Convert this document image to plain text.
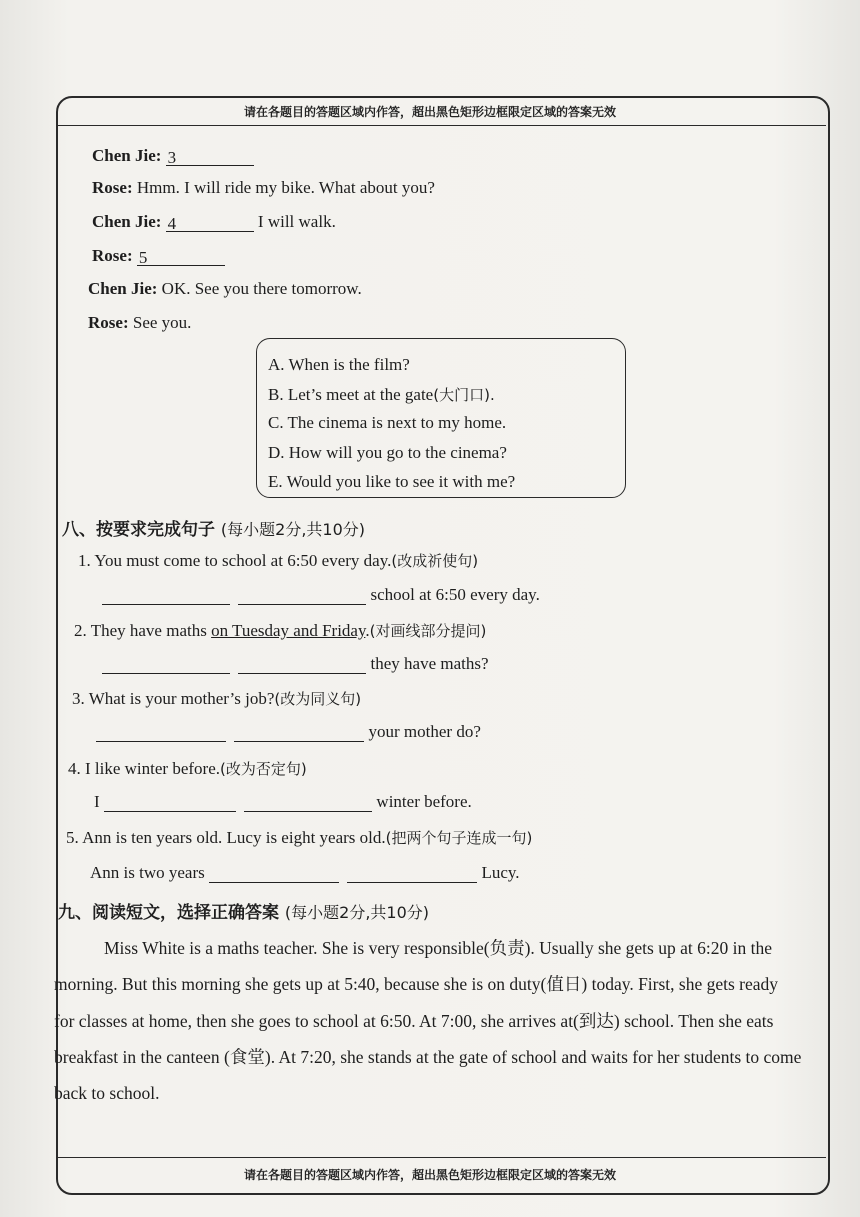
请在各题目的答题区域内作答，超出黑色矩形边框限定区域的答案无效
Chen Jie: 3
Rose: Hmm. I will ride my bike. What about you?
Chen Jie: 4	I will walk.
Rose: 5
Chen Jie: OK. See you there tomorrow.
Rose: See you.
A. When is the film?
B. Let’s meet at the gate(大门口).
C. The cinema is next to my home.
D. How will you go to the cinema?
E. Would you like to see it with me?
八、按要求完成句子 (每小题2分,共10分)
1. You must come to school at 6:50 every day.(改成祈使句)
school at 6:50 every day.
2. They have maths on Tuesday and Friday.(对画线部分提问)
they have maths?
3. What is your mother’s job?(改为同义句)
your mother do?
4. I like winter before.(改为否定句)
I	winter before.
5. Ann is ten years old. Lucy is eight years old.(把两个句子连成一句)
Ann is two years	Lucy.
九、阅读短文，选择正确答案 (每小题2分,共10分)
Miss White is a maths teacher. She is very responsible(负责). Usually she gets up at 6:20 in the morning. But this morning she gets up at 5:40, because she is on duty(值日) today. First, she gets ready for classes at home, then she goes to school at 6:50. At 7:00, she arrives at(到达) school. Then she eats breakfast in the canteen (食堂). At 7:20, she stands at the gate of school and waits for her students to come back to school.
请在各题目的答题区域内作答，超出黑色矩形边框限定区域的答案无效
